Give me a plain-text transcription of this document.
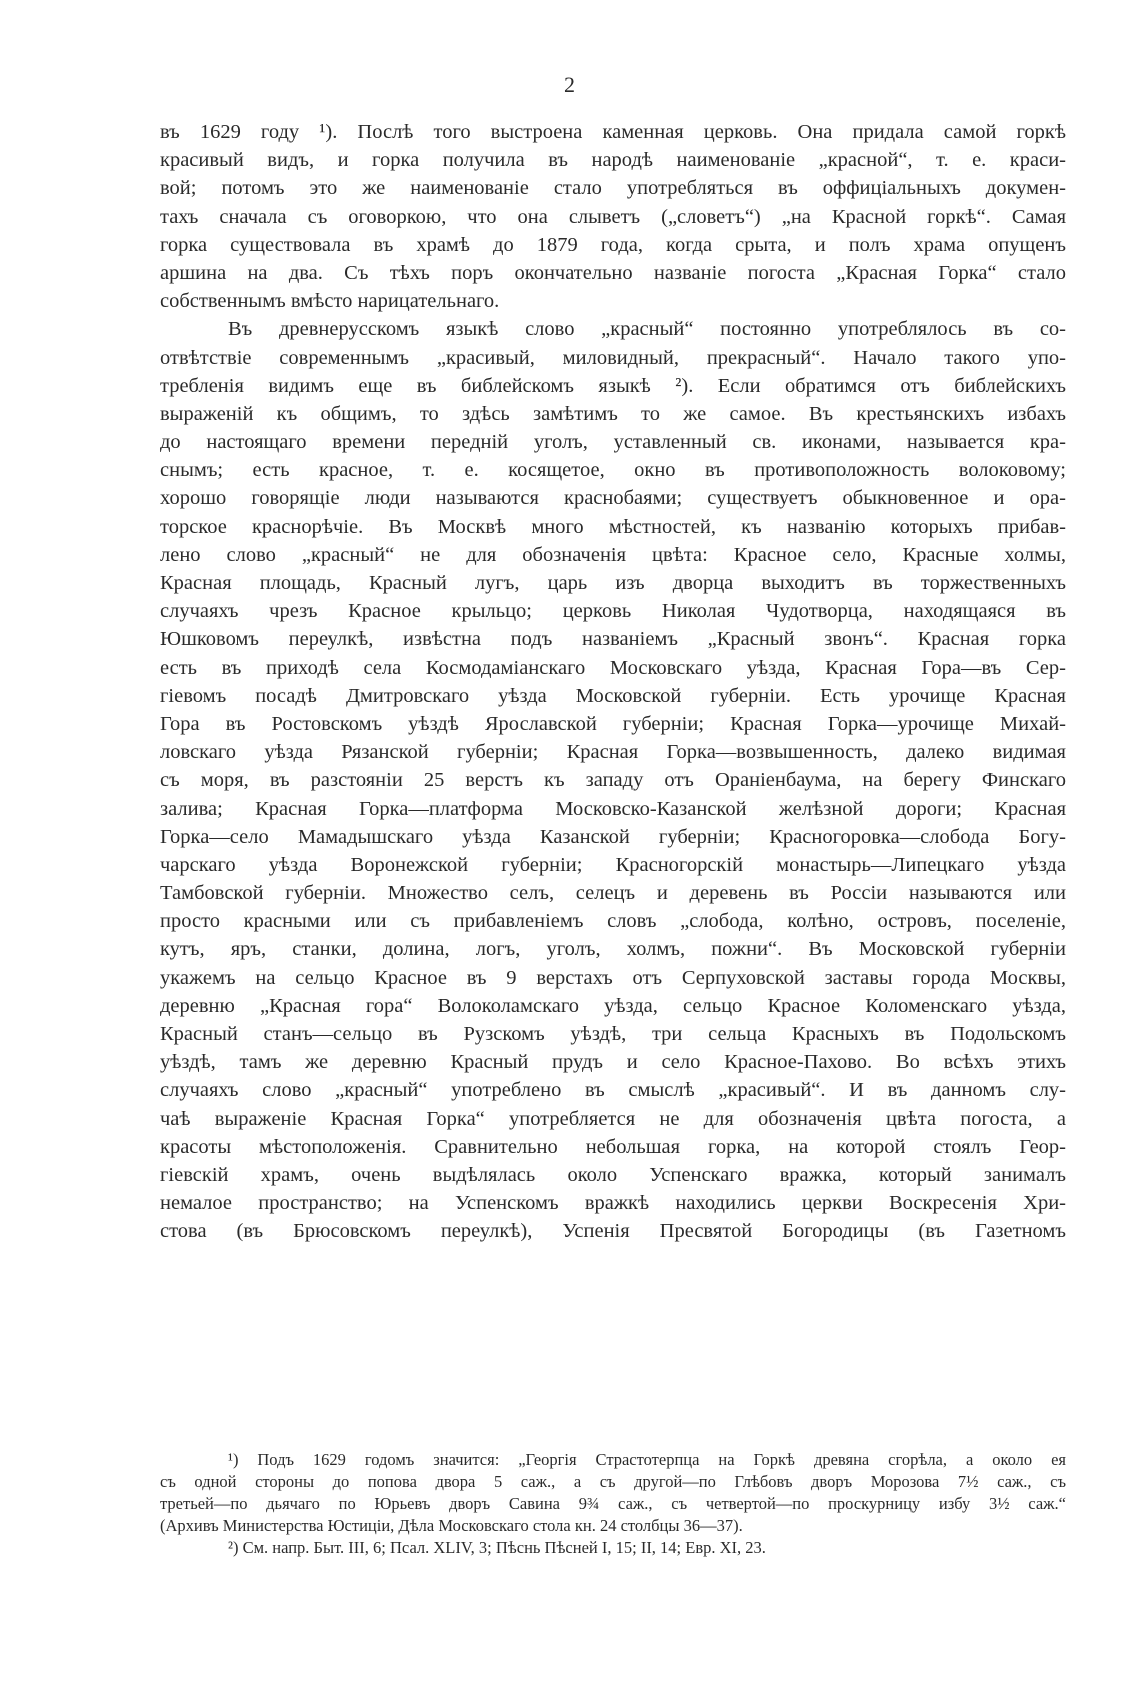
2
въ 1629 году ¹). Послѣ того выстроена каменная церковь. Она придала самой горкѣ
красивый видъ, и горка получила въ народѣ наименованіе „красной“, т. е. краси-
вой; потомъ это же наименованіе стало употребляться въ оффиціальныхъ докумен-
тахъ сначала съ оговоркою, что она слыветъ („словетъ“) „на Красной горкѣ“. Самая
горка существовала въ храмѣ до 1879 года, когда срыта, и полъ храма опущенъ
аршина на два. Съ тѣхъ поръ окончательно названіе погоста „Красная Горка“ стало
собственнымъ вмѣсто нарицательнаго.
Въ древнерусскомъ языкѣ слово „красный“ постоянно употреблялось въ со-
отвѣтствіе современнымъ „красивый, миловидный, прекрасный“. Начало такого упо-
требленія видимъ еще въ библейскомъ языкѣ ²). Если обратимся отъ библейскихъ
выраженій къ общимъ, то здѣсь замѣтимъ то же самое. Въ крестьянскихъ избахъ
до настоящаго времени передній уголъ, уставленный св. иконами, называется кра-
снымъ; есть красное, т. е. косящетое, окно въ противоположность волоковому;
хорошо говорящіе люди называются краснобаями; существуетъ обыкновенное и ора-
торское краснорѣчіе. Въ Москвѣ много мѣстностей, къ названію которыхъ прибав-
лено слово „красный“ не для обозначенія цвѣта: Красное село, Красные холмы,
Красная площадь, Красный лугъ, царь изъ дворца выходитъ въ торжественныхъ
случаяхъ чрезъ Красное крыльцо; церковь Николая Чудотворца, находящаяся въ
Юшковомъ переулкѣ, извѣстна подъ названіемъ „Красный звонъ“. Красная горка
есть въ приходѣ села Космодаміанскаго Московскаго уѣзда, Красная Гора—въ Сер-
гіевомъ посадѣ Дмитровскаго уѣзда Московской губерніи. Есть урочище Красная
Гора въ Ростовскомъ уѣздѣ Ярославской губерніи; Красная Горка—урочище Михай-
ловскаго уѣзда Рязанской губерніи; Красная Горка—возвышенность, далеко видимая
съ моря, въ разстояніи 25 верстъ къ западу отъ Ораніенбаума, на берегу Финскаго
залива; Красная Горка—платформа Московско-Казанской желѣзной дороги; Красная
Горка—село Мамадышскаго уѣзда Казанской губерніи; Красногоровка—слобода Богу-
чарскаго уѣзда Воронежской губерніи; Красногорскій монастырь—Липецкаго уѣзда
Тамбовской губерніи. Множество селъ, селецъ и деревень въ Россіи называются или
просто красными или съ прибавленіемъ словъ „слобода, колѣно, островъ, поселеніе,
кутъ, яръ, станки, долина, логъ, уголъ, холмъ, пожни“. Въ Московской губерніи
укажемъ на сельцо Красное въ 9 верстахъ отъ Серпуховской заставы города Москвы,
деревню „Красная гора“ Волоколамскаго уѣзда, сельцо Красное Коломенскаго уѣзда,
Красный станъ—сельцо въ Рузскомъ уѣздѣ, три сельца Красныхъ въ Подольскомъ
уѣздѣ, тамъ же деревню Красный прудъ и село Красное-Пахово. Во всѣхъ этихъ
случаяхъ слово „красный“ употреблено въ смыслѣ „красивый“. И въ данномъ слу-
чаѣ выраженіе Красная Горка“ употребляется не для обозначенія цвѣта погоста, а
красоты мѣстоположенія. Сравнительно небольшая горка, на которой стоялъ Геор-
гіевскій храмъ, очень выдѣлялась около Успенскаго вражка, который занималъ
немалое пространство; на Успенскомъ вражкѣ находились церкви Воскресенія Хри-
стова (въ Брюсовскомъ переулкѣ), Успенія Пресвятой Богородицы (въ Газетномъ
¹) Подъ 1629 годомъ значится: „Георгія Страстотерпца на Горкѣ древяна сгорѣла, а около ея
съ одной стороны до попова двора 5 саж., а съ другой—по Глѣбовъ дворъ Морозова 7½ саж., съ
третьей—по дьячаго по Юрьевъ дворъ Савина 9¾ саж., съ четвертой—по проскурницу избу 3½ саж.“
(Архивъ Министерства Юстиціи, Дѣла Московскаго стола кн. 24 столбцы 36—37).
²) См. напр. Быт. III, 6; Псал. XLIV, 3; Пѣснь Пѣсней I, 15; II, 14; Евр. XI, 23.
